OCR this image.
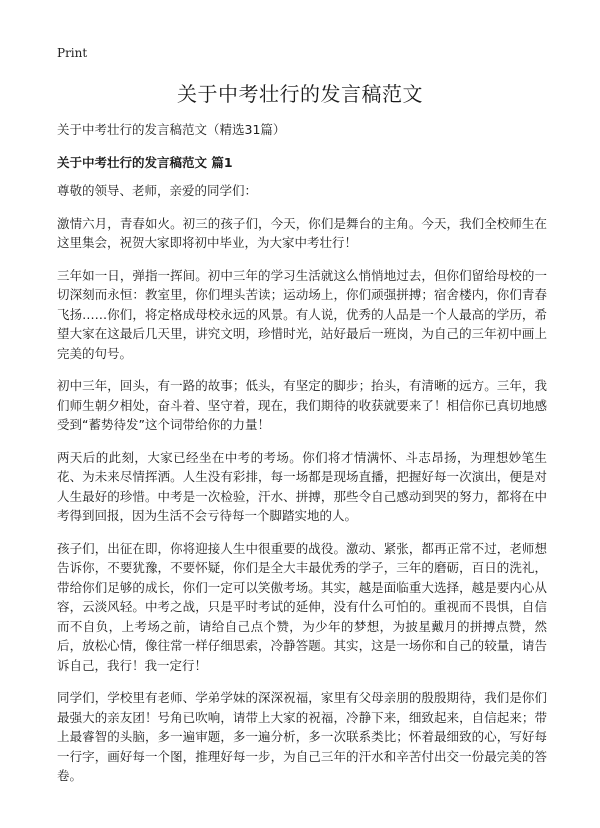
Print
关于中考壮行的发言稿范文

关于中考壮行的发言稿范文（精选31篇）

关于中考壮行的发言稿范文 篇1

尊敬的领导、老师，亲爱的同学们：

激情六月，青春如火。初三的孩子们，今天，你们是舞台的主角。今天，我们全校师生在这里集会，祝贺大家即将初中毕业，为大家中考壮行！

三年如一日，弹指一挥间。初中三年的学习生活就这么悄悄地过去，但你们留给母校的一切深刻而永恒：教室里，你们埋头苦读；运动场上，你们顽强拼搏；宿舍楼内，你们青春飞扬……你们，将定格成母校永远的风景。有人说，优秀的人品是一个人最高的学历，希望大家在这最后几天里，讲究文明，珍惜时光，站好最后一班岗，为自己的三年初中画上完美的句号。

初中三年，回头，有一路的故事；低头，有坚定的脚步；抬头，有清晰的远方。三年，我们师生朝夕相处，奋斗着、坚守着，现在，我们期待的收获就要来了！相信你已真切地感受到“蓄势待发”这个词带给你的力量！

两天后的此刻，大家已经坐在中考的考场。你们将才情满怀、斗志昂扬，为理想妙笔生花、为未来尽情挥洒。人生没有彩排，每一场都是现场直播，把握好每一次演出，便是对人生最好的珍惜。中考是一次检验，汗水、拼搏，那些令自己感动到哭的努力，都将在中考得到回报，因为生活不会亏待每一个脚踏实地的人。

孩子们，出征在即，你将迎接人生中很重要的战役。激动、紧张，都再正常不过，老师想告诉你，不要犹豫，不要怀疑，你们是全大丰最优秀的学子，三年的磨砺，百日的洗礼，带给你们足够的成长，你们一定可以笑傲考场。其实，越是面临重大选择，越是要内心从容，云淡风轻。中考之战，只是平时考试的延伸，没有什么可怕的。重视而不畏惧，自信而不自负，上考场之前，请给自己点个赞，为少年的梦想，为披星戴月的拼搏点赞，然后，放松心情，像往常一样仔细思索，冷静答题。其实，这是一场你和自己的较量，请告诉自己，我行！我一定行！

同学们，学校里有老师、学弟学妹的深深祝福，家里有父母亲朋的殷殷期待，我们是你们最强大的亲友团！号角已吹响，请带上大家的祝福，冷静下来，细致起来，自信起来；带上最睿智的头脑，多一遍审题，多一遍分析，多一次联系类比；怀着最细致的心，写好每一行字，画好每一个图，推理好每一步，为自己三年的汗水和辛苦付出交一份最完美的答卷。
